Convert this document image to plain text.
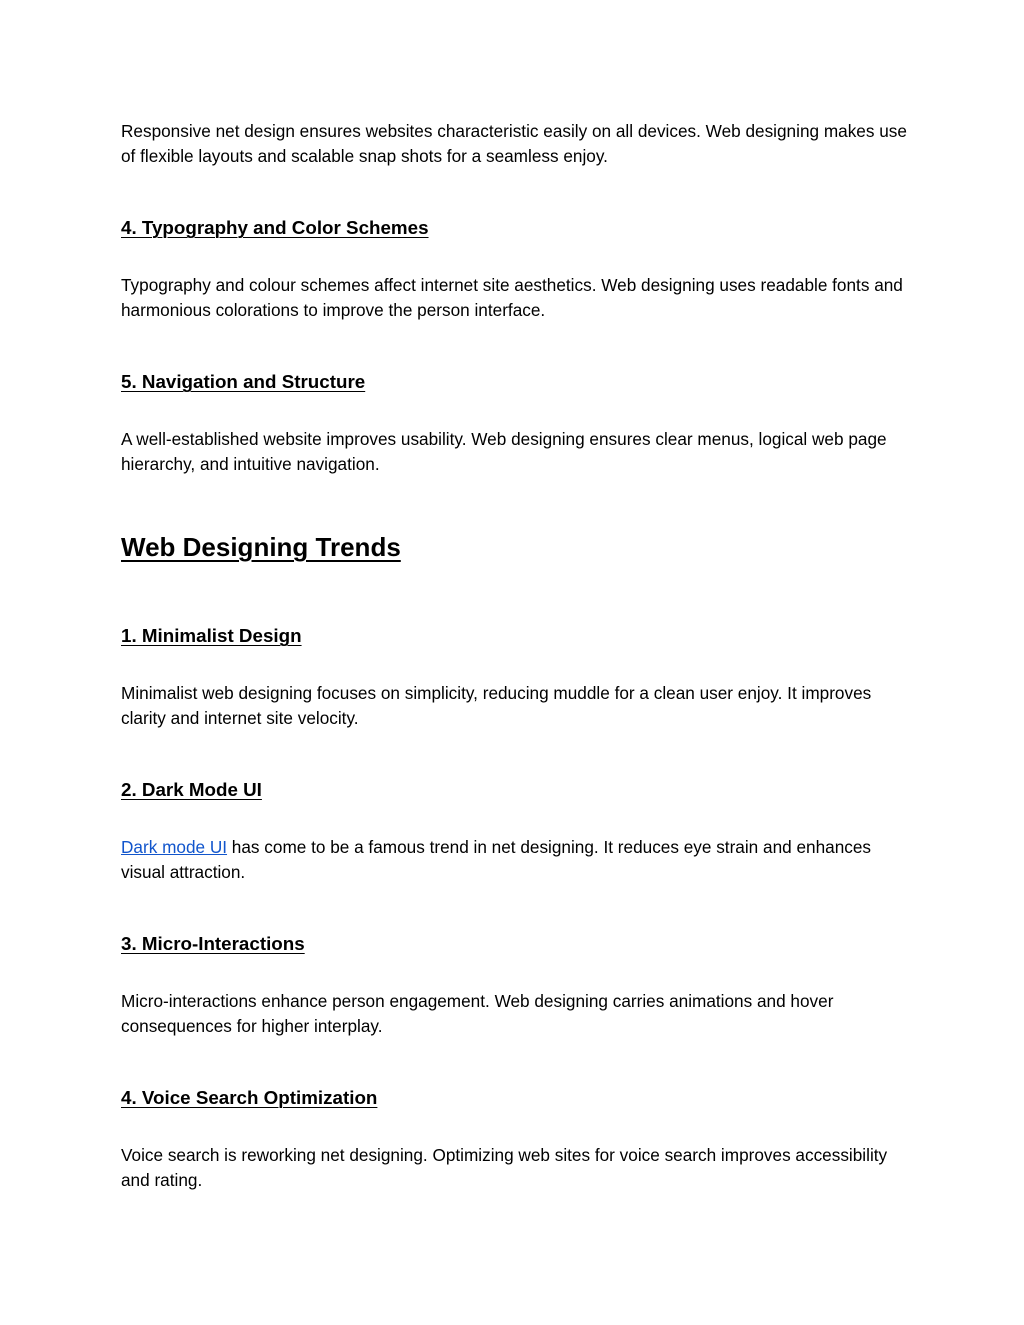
Responsive net design ensures websites characteristic easily on all devices. Web designing makes use of flexible layouts and scalable snap shots for a seamless enjoy.

4. Typography and Color Schemes

Typography and colour schemes affect internet site aesthetics. Web designing uses readable fonts and harmonious colorations to improve the person interface.

5. Navigation and Structure

A well-established website improves usability. Web designing ensures clear menus, logical web page hierarchy, and intuitive navigation.

Web Designing Trends
1. Minimalist Design

Minimalist web designing focuses on simplicity, reducing muddle for a clean user enjoy. It improves clarity and internet site velocity.

2. Dark Mode UI

Dark mode UI has come to be a famous trend in net designing. It reduces eye strain and enhances visual attraction.

3. Micro-Interactions

Micro-interactions enhance person engagement. Web designing carries animations and hover consequences for higher interplay.

4. Voice Search Optimization

Voice search is reworking net designing. Optimizing web sites for voice search improves accessibility and rating.
